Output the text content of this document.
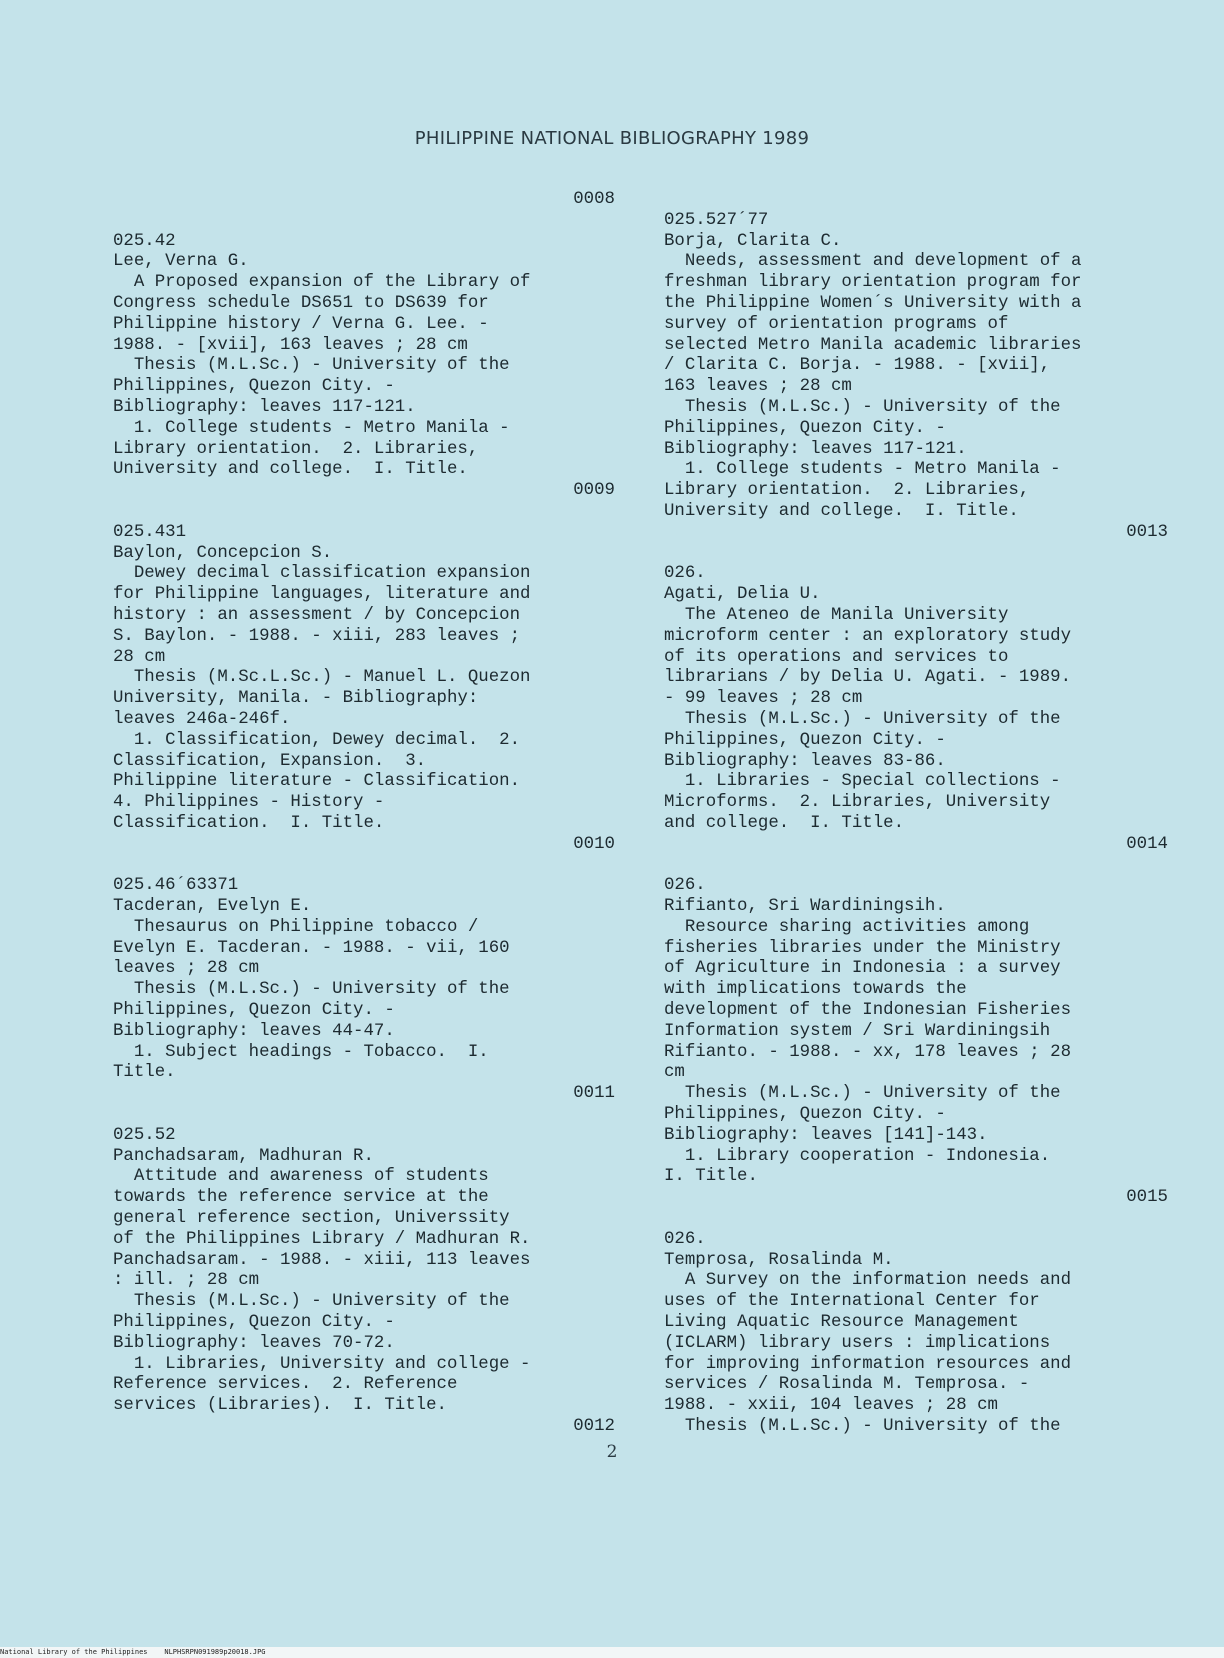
PHILIPPINE NATIONAL BIBLIOGRAPHY 1989
0008
025.42
Lee, Verna G.
A Proposed expansion of the Library of
Congress schedule DS651 to DS639 for
Philippine history / Verna G. Lee. -
1988. - [xvii], 163 leaves ; 28 cm
Thesis (M.L.Sc.) - University of the
Philippines, Quezon City. -
Bibliography: leaves 117-121.
1. College students - Metro Manila -
Library orientation.  2. Libraries,
University and college.  I. Title.
0009
025.431
Baylon, Concepcion S.
Dewey decimal classification expansion
for Philippine languages, literature and
history : an assessment / by Concepcion
S. Baylon. - 1988. - xiii, 283 leaves ;
28 cm
Thesis (M.Sc.L.Sc.) - Manuel L. Quezon
University, Manila. - Bibliography:
leaves 246a-246f.
1. Classification, Dewey decimal.  2.
Classification, Expansion.  3.
Philippine literature - Classification.
4. Philippines - History -
Classification.  I. Title.
0010
025.46´63371
Tacderan, Evelyn E.
Thesaurus on Philippine tobacco /
Evelyn E. Tacderan. - 1988. - vii, 160
leaves ; 28 cm
Thesis (M.L.Sc.) - University of the
Philippines, Quezon City. -
Bibliography: leaves 44-47.
1. Subject headings - Tobacco.  I.
Title.
0011
025.52
Panchadsaram, Madhuran R.
Attitude and awareness of students
towards the reference service at the
general reference section, Universsity
of the Philippines Library / Madhuran R.
Panchadsaram. - 1988. - xiii, 113 leaves
: ill. ; 28 cm
Thesis (M.L.Sc.) - University of the
Philippines, Quezon City. -
Bibliography: leaves 70-72.
1. Libraries, University and college -
Reference services.  2. Reference
services (Libraries).  I. Title.
0012
025.527´77
Borja, Clarita C.
Needs, assessment and development of a
freshman library orientation program for
the Philippine Women´s University with a
survey of orientation programs of
selected Metro Manila academic libraries
/ Clarita C. Borja. - 1988. - [xvii],
163 leaves ; 28 cm
Thesis (M.L.Sc.) - University of the
Philippines, Quezon City. -
Bibliography: leaves 117-121.
1. College students - Metro Manila -
Library orientation.  2. Libraries,
University and college.  I. Title.
0013
026.
Agati, Delia U.
The Ateneo de Manila University
microform center : an exploratory study
of its operations and services to
librarians / by Delia U. Agati. - 1989.
- 99 leaves ; 28 cm
Thesis (M.L.Sc.) - University of the
Philippines, Quezon City. -
Bibliography: leaves 83-86.
1. Libraries - Special collections -
Microforms.  2. Libraries, University
and college.  I. Title.
0014
026.
Rifianto, Sri Wardiningsih.
Resource sharing activities among
fisheries libraries under the Ministry
of Agriculture in Indonesia : a survey
with implications towards the
development of the Indonesian Fisheries
Information system / Sri Wardiningsih
Rifianto. - 1988. - xx, 178 leaves ; 28
cm
Thesis (M.L.Sc.) - University of the
Philippines, Quezon City. -
Bibliography: leaves [141]-143.
1. Library cooperation - Indonesia.
I. Title.
0015
026.
Temprosa, Rosalinda M.
A Survey on the information needs and
uses of the International Center for
Living Aquatic Resource Management
(ICLARM) library users : implications
for improving information resources and
services / Rosalinda M. Temprosa. -
1988. - xxii, 104 leaves ; 28 cm
Thesis (M.L.Sc.) - University of the
2
National Library of the Philippines    NLPHSRPN091989p20018.JPG
